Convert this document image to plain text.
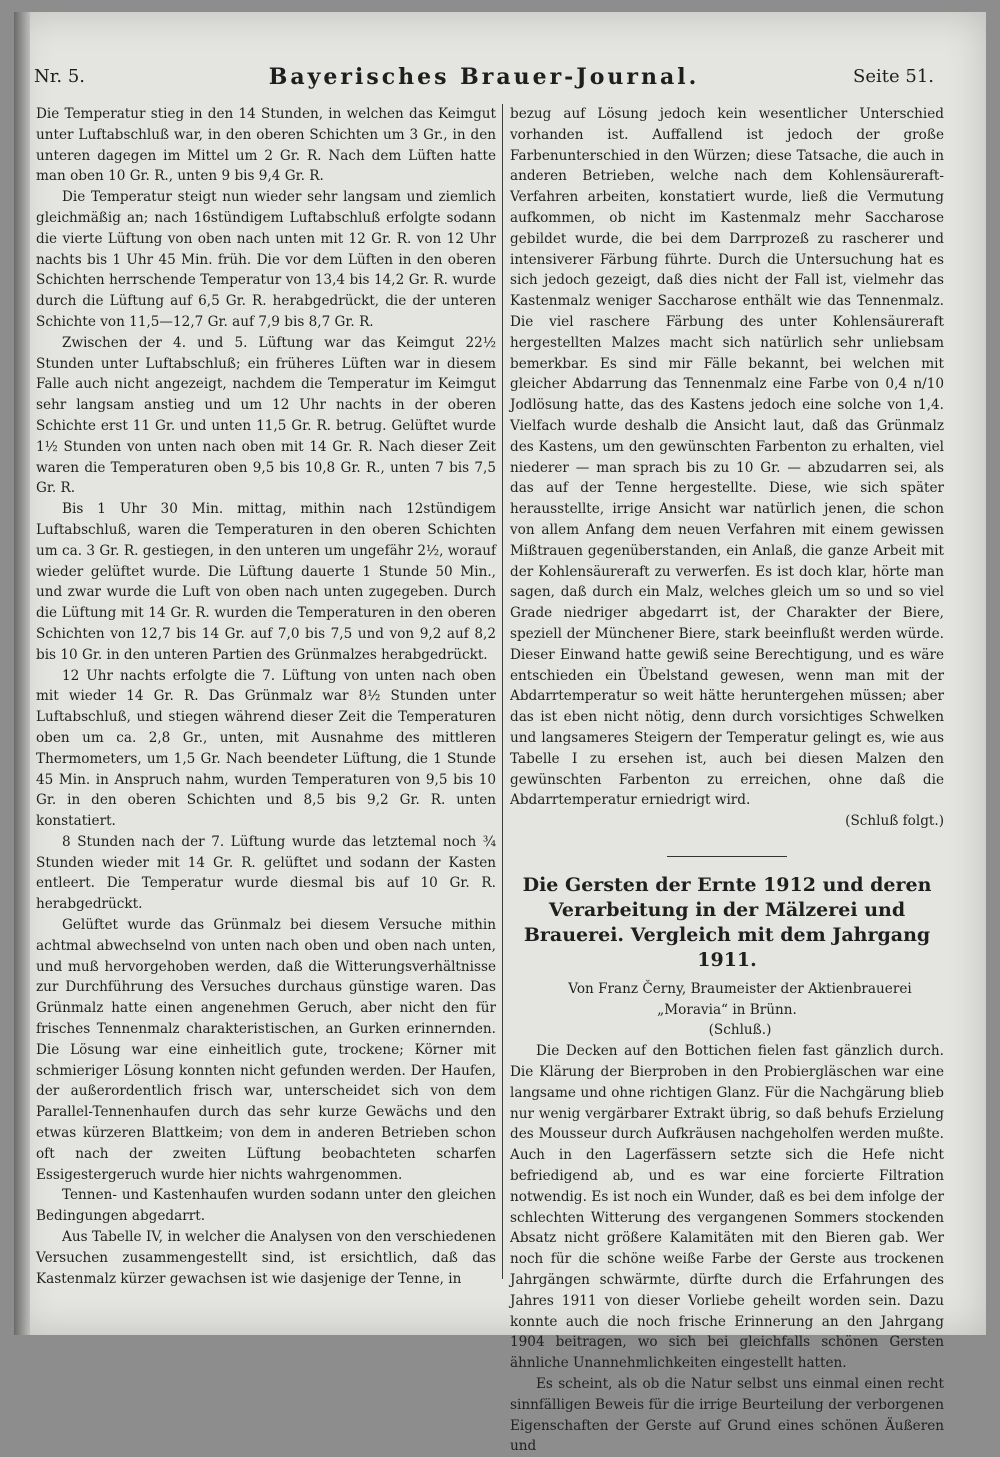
Nr. 5.	Bayerisches Brauer-Journal.	Seite 51.

Die Temperatur stieg in den 14 Stunden, in welchen das Keimgut unter Luftabschluß war, in den oberen Schichten um 3 Gr., in den unteren dagegen im Mittel um 2 Gr. R. Nach dem Lüften hatte man oben 10 Gr. R., unten 9 bis 9,4 Gr. R.

Die Temperatur steigt nun wieder sehr langsam und ziemlich gleichmäßig an; nach 16stündigem Luftabschluß erfolgte sodann die vierte Lüftung von oben nach unten mit 12 Gr. R. von 12 Uhr nachts bis 1 Uhr 45 Min. früh. Die vor dem Lüften in den oberen Schichten herrschende Temperatur von 13,4 bis 14,2 Gr. R. wurde durch die Lüftung auf 6,5 Gr. R. herabgedrückt, die der unteren Schichte von 11,5—12,7 Gr. auf 7,9 bis 8,7 Gr. R.

Zwischen der 4. und 5. Lüftung war das Keimgut 22½ Stunden unter Luftabschluß; ein früheres Lüften war in diesem Falle auch nicht angezeigt, nachdem die Temperatur im Keimgut sehr langsam anstieg und um 12 Uhr nachts in der oberen Schichte erst 11 Gr. und unten 11,5 Gr. R. betrug. Gelüftet wurde 1½ Stunden von unten nach oben mit 14 Gr. R. Nach dieser Zeit waren die Temperaturen oben 9,5 bis 10,8 Gr. R., unten 7 bis 7,5 Gr. R.

Bis 1 Uhr 30 Min. mittag, mithin nach 12stündigem Luftabschluß, waren die Temperaturen in den oberen Schichten um ca. 3 Gr. R. gestiegen, in den unteren um ungefähr 2½, worauf wieder gelüftet wurde. Die Lüftung dauerte 1 Stunde 50 Min., und zwar wurde die Luft von oben nach unten zugegeben. Durch die Lüftung mit 14 Gr. R. wurden die Temperaturen in den oberen Schichten von 12,7 bis 14 Gr. auf 7,0 bis 7,5 und von 9,2 auf 8,2 bis 10 Gr. in den unteren Partien des Grünmalzes herabgedrückt.

12 Uhr nachts erfolgte die 7. Lüftung von unten nach oben mit wieder 14 Gr. R. Das Grünmalz war 8½ Stunden unter Luftabschluß, und stiegen während dieser Zeit die Temperaturen oben um ca. 2,8 Gr., unten, mit Ausnahme des mittleren Thermometers, um 1,5 Gr. Nach beendeter Lüftung, die 1 Stunde 45 Min. in Anspruch nahm, wurden Temperaturen von 9,5 bis 10 Gr. in den oberen Schichten und 8,5 bis 9,2 Gr. R. unten konstatiert.

8 Stunden nach der 7. Lüftung wurde das letztemal noch ¾ Stunden wieder mit 14 Gr. R. gelüftet und sodann der Kasten entleert. Die Temperatur wurde diesmal bis auf 10 Gr. R. herabgedrückt.

Gelüftet wurde das Grünmalz bei diesem Versuche mithin achtmal abwechselnd von unten nach oben und oben nach unten, und muß hervorgehoben werden, daß die Witterungsverhältnisse zur Durchführung des Versuches durchaus günstige waren. Das Grünmalz hatte einen angenehmen Geruch, aber nicht den für frisches Tennenmalz charakteristischen, an Gurken erinnernden. Die Lösung war eine einheitlich gute, trockene; Körner mit schmieriger Lösung konnten nicht gefunden werden. Der Haufen, der außerordentlich frisch war, unterscheidet sich von dem Parallel-Tennenhaufen durch das sehr kurze Gewächs und den etwas kürzeren Blattkeim; von dem in anderen Betrieben schon oft nach der zweiten Lüftung beobachteten scharfen Essigestergeruch wurde hier nichts wahrgenommen.

Tennen- und Kastenhaufen wurden sodann unter den gleichen Bedingungen abgedarrt.

Aus Tabelle IV, in welcher die Analysen von den verschiedenen Versuchen zusammengestellt sind, ist ersichtlich, daß das Kastenmalz kürzer gewachsen ist wie dasjenige der Tenne, in

bezug auf Lösung jedoch kein wesentlicher Unterschied vorhanden ist. Auffallend ist jedoch der große Farbenunterschied in den Würzen; diese Tatsache, die auch in anderen Betrieben, welche nach dem Kohlensäureraft-Verfahren arbeiten, konstatiert wurde, ließ die Vermutung aufkommen, ob nicht im Kastenmalz mehr Saccharose gebildet wurde, die bei dem Darrprozeß zu rascherer und intensiverer Färbung führte. Durch die Untersuchung hat es sich jedoch gezeigt, daß dies nicht der Fall ist, vielmehr das Kastenmalz weniger Saccharose enthält wie das Tennenmalz. Die viel raschere Färbung des unter Kohlensäureraft hergestellten Malzes macht sich natürlich sehr unliebsam bemerkbar. Es sind mir Fälle bekannt, bei welchen mit gleicher Abdarrung das Tennenmalz eine Farbe von 0,4 n/10 Jodlösung hatte, das des Kastens jedoch eine solche von 1,4. Vielfach wurde deshalb die Ansicht laut, daß das Grünmalz des Kastens, um den gewünschten Farbenton zu erhalten, viel niederer — man sprach bis zu 10 Gr. — abzudarren sei, als das auf der Tenne hergestellte. Diese, wie sich später herausstellte, irrige Ansicht war natürlich jenen, die schon von allem Anfang dem neuen Verfahren mit einem gewissen Mißtrauen gegenüberstanden, ein Anlaß, die ganze Arbeit mit der Kohlensäureraft zu verwerfen. Es ist doch klar, hörte man sagen, daß durch ein Malz, welches gleich um so und so viel Grade niedriger abgedarrt ist, der Charakter der Biere, speziell der Münchener Biere, stark beeinflußt werden würde. Dieser Einwand hatte gewiß seine Berechtigung, und es wäre entschieden ein Übelstand gewesen, wenn man mit der Abdarrtemperatur so weit hätte heruntergehen müssen; aber das ist eben nicht nötig, denn durch vorsichtiges Schwelken und langsameres Steigern der Temperatur gelingt es, wie aus Tabelle I zu ersehen ist, auch bei diesen Malzen den gewünschten Farbenton zu erreichen, ohne daß die Abdarrtemperatur erniedrigt wird.

(Schluß folgt.)

Die Gersten der Ernte 1912 und deren Verarbeitung in der Mälzerei und Brauerei. Vergleich mit dem Jahrgang 1911.

Von Franz Černy, Braumeister der Aktienbrauerei „Moravia“ in Brünn.

(Schluß.)

Die Decken auf den Bottichen fielen fast gänzlich durch. Die Klärung der Bierproben in den Probiergläschen war eine langsame und ohne richtigen Glanz. Für die Nachgärung blieb nur wenig vergärbarer Extrakt übrig, so daß behufs Erzielung des Mousseur durch Aufkräusen nachgeholfen werden mußte. Auch in den Lagerfässern setzte sich die Hefe nicht befriedigend ab, und es war eine forcierte Filtration notwendig. Es ist noch ein Wunder, daß es bei dem infolge der schlechten Witterung des vergangenen Sommers stockenden Absatz nicht größere Kalamitäten mit den Bieren gab. Wer noch für die schöne weiße Farbe der Gerste aus trockenen Jahrgängen schwärmte, dürfte durch die Erfahrungen des Jahres 1911 von dieser Vorliebe geheilt worden sein. Dazu konnte auch die noch frische Erinnerung an den Jahrgang 1904 beitragen, wo sich bei gleichfalls schönen Gersten ähnliche Unannehmlichkeiten eingestellt hatten.

Es scheint, als ob die Natur selbst uns einmal einen recht sinnfälligen Beweis für die irrige Beurteilung der verborgenen Eigenschaften der Gerste auf Grund eines schönen Äußeren und
